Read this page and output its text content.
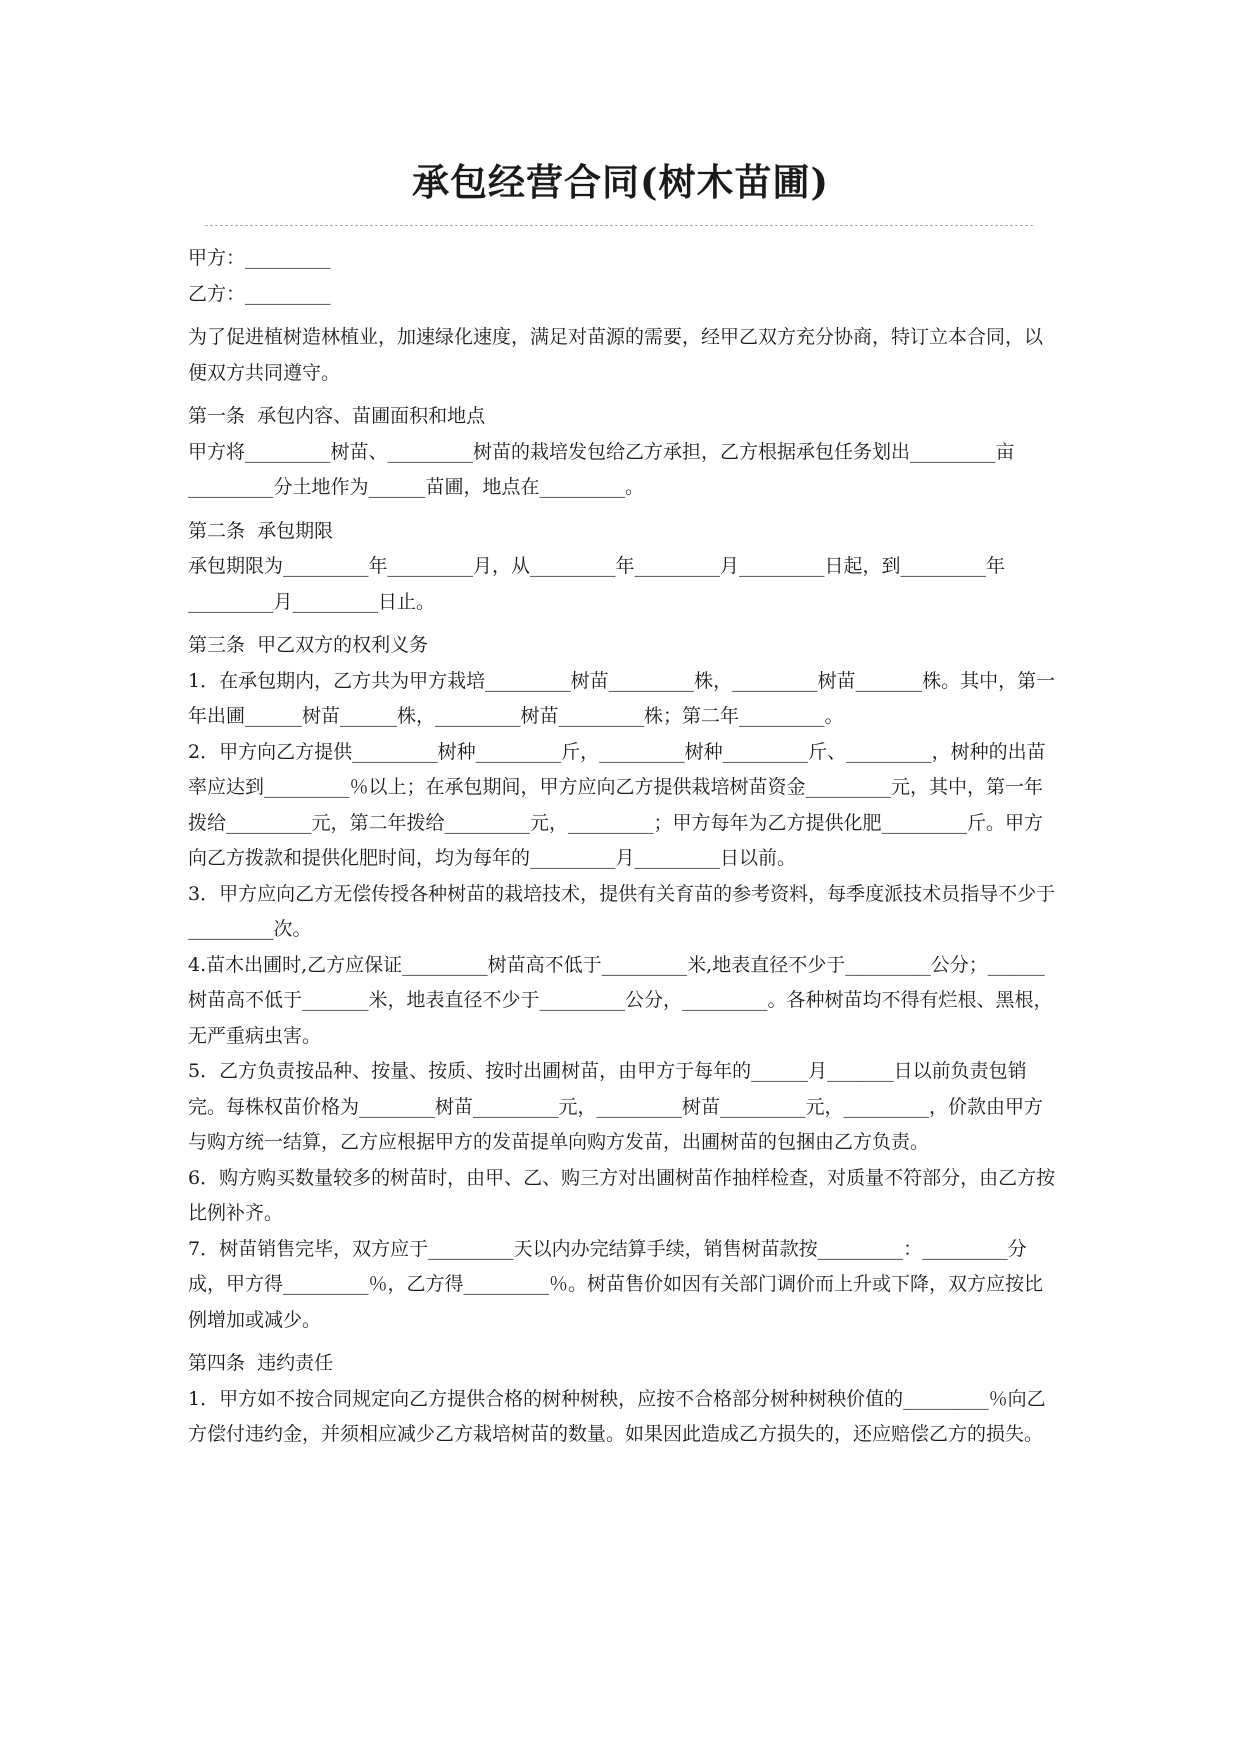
承包经营合同(树木苗圃)

甲方：_________

乙方：_________

为了促进植树造林植业，加速绿化速度，满足对苗源的需要，经甲乙双方充分协商，特订立本合同，以便双方共同遵守。

第一条  承包内容、苗圃面积和地点

甲方将_________树苗、_________树苗的栽培发包给乙方承担，乙方根据承包任务划出_________亩_________分土地作为______苗圃，地点在_________。

第二条  承包期限

承包期限为_________年_________月，从_________年_________月_________日起，到_________年_________月_________日止。

第三条  甲乙双方的权利义务

1．在承包期内，乙方共为甲方栽培_________树苗_________株，_________树苗_______株。其中，第一年出圃______树苗______株，_________树苗_________株；第二年_________。

2．甲方向乙方提供_________树种_________斤，_________树种_________斤、_________，树种的出苗率应达到_________％以上；在承包期间，甲方应向乙方提供栽培树苗资金_________元，其中，第一年拨给_________元，第二年拨给_________元，_________；甲方每年为乙方提供化肥_________斤。甲方向乙方拨款和提供化肥时间，均为每年的_________月_________日以前。

3．甲方应向乙方无偿传授各种树苗的栽培技术，提供有关育苗的参考资料，每季度派技术员指导不少于_________次。

4.苗木出圃时,乙方应保证_________树苗高不低于_________米,地表直径不少于_________公分；______树苗高不低于_______米，地表直径不少于_________公分，_________。各种树苗均不得有烂根、黑根，无严重病虫害。

5．乙方负责按品种、按量、按质、按时出圃树苗，由甲方于每年的______月_______日以前负责包销完。每株权苗价格为________树苗_________元，_________树苗_________元，_________，价款由甲方与购方统一结算，乙方应根据甲方的发苗提单向购方发苗，出圃树苗的包捆由乙方负责。

6．购方购买数量较多的树苗时，由甲、乙、购三方对出圃树苗作抽样检查，对质量不符部分，由乙方按比例补齐。

7．树苗销售完毕，双方应于_________天以内办完结算手续，销售树苗款按_________：_________分成，甲方得_________％，乙方得_________％。树苗售价如因有关部门调价而上升或下降，双方应按比例增加或减少。

第四条  违约责任

1．甲方如不按合同规定向乙方提供合格的树种树秧，应按不合格部分树种树秧价值的_________％向乙方偿付违约金，并须相应减少乙方栽培树苗的数量。如果因此造成乙方损失的，还应赔偿乙方的损失。
